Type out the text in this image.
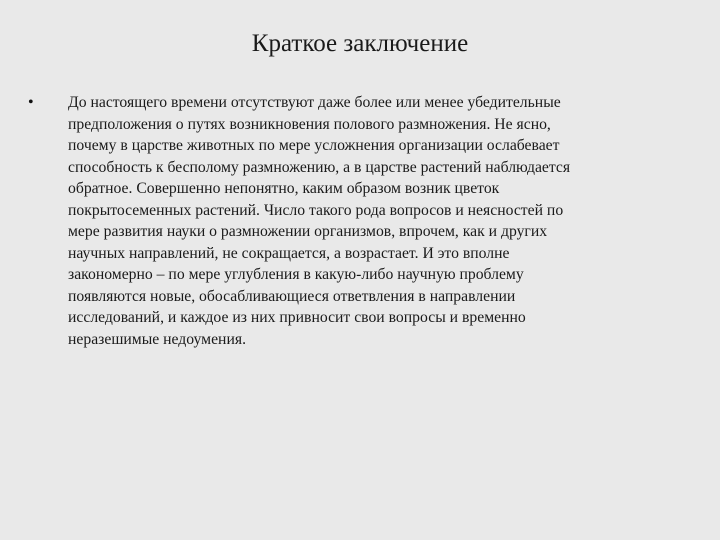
Краткое заключение
• До настоящего времени отсутствуют даже более или менее убедительные
предположения о путях возникновения полового размножения. Не ясно,
почему в царстве животных по мере усложнения организации ослабевает
способность к бесполому размножению, а в царстве растений наблюдается
обратное. Совершенно непонятно, каким образом возник цветок
покрытосеменных растений. Число такого рода вопросов и неясностей по
мере развития науки о размножении организмов, впрочем, как и других
научных направлений, не сокращается, а возрастает. И это вполне
закономерно – по мере углубления в какую-либо научную проблему
появляются новые, обосабливающиеся ответвления в направлении
исследований, и каждое из них привносит свои вопросы и временно
неразешимые недоумения.
